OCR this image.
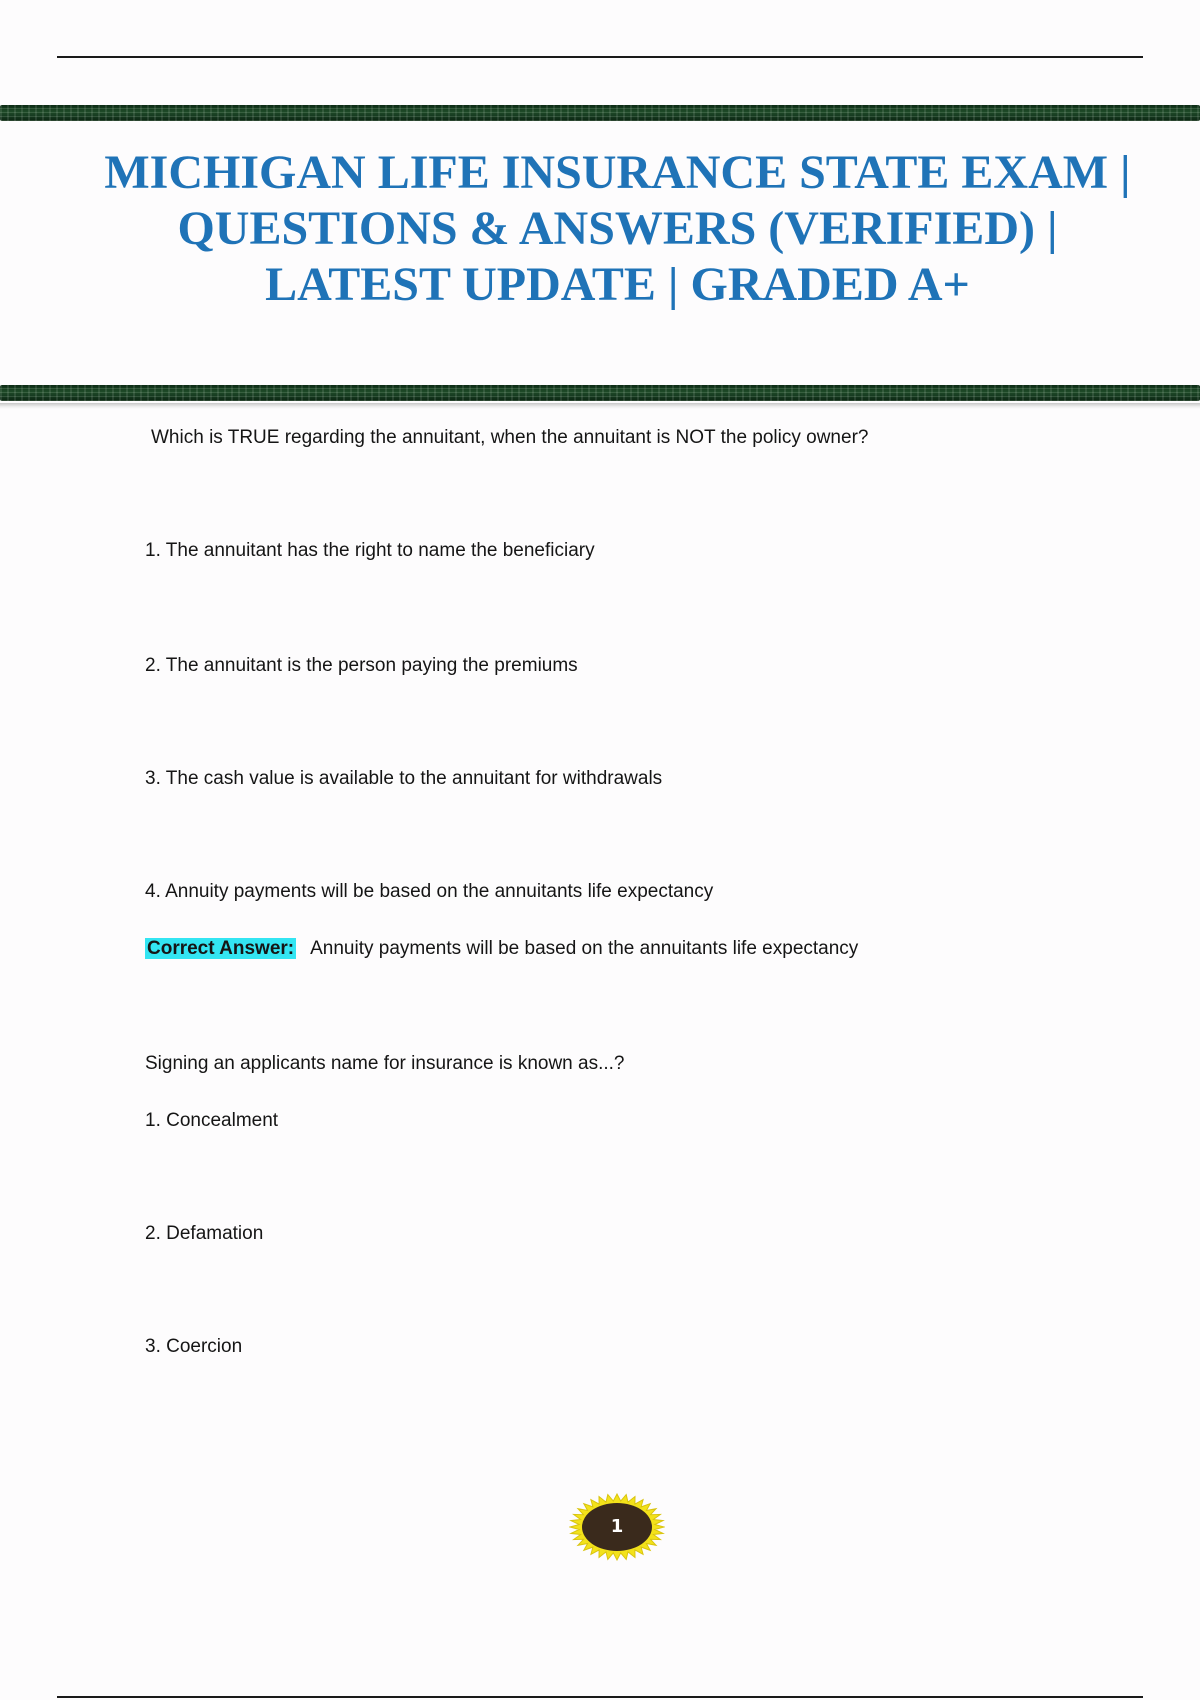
MICHIGAN LIFE INSURANCE STATE EXAM | QUESTIONS & ANSWERS (VERIFIED) | LATEST UPDATE | GRADED A+
Which is TRUE regarding the annuitant, when the annuitant is NOT the policy owner?
1. The annuitant has the right to name the beneficiary
2. The annuitant is the person paying the premiums
3. The cash value is available to the annuitant for withdrawals
4. Annuity payments will be based on the annuitants life expectancy
Correct Answer: Annuity payments will be based on the annuitants life expectancy
Signing an applicants name for insurance is known as...?
1. Concealment
2. Defamation
3. Coercion
1
